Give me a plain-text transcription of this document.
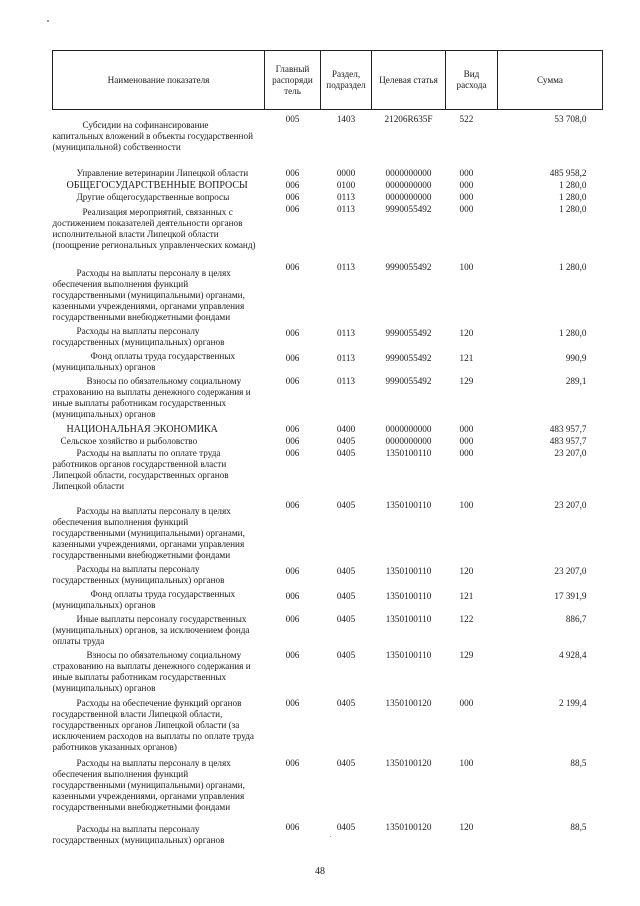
Наименование показателя	Главный распоряди тель	Раздел, подраздел	Целевая статья	Вид расхода	Сумма

Субсидии на софинансирование капитальных вложений в объекты государственной (муниципальной) собственности	005	1403	21206R635F	522	53 708,0

Управление ветеринарии Липецкой области	006	0000	0000000000	000	485 958,2

ОБЩЕГОСУДАРСТВЕННЫЕ ВОПРОСЫ	006	0100	0000000000	000	1 280,0

Другие общегосударственные вопросы	006	0113	0000000000	000	1 280,0

Реализация мероприятий, связанных с достижением показателей деятельности органов исполнительной власти Липецкой области (поощрение региональных управленческих команд)	006	0113	9990055492	000	1 280,0

Расходы на выплаты персоналу в целях обеспечения выполнения функций государственными (муниципальными) органами, казенными учреждениями, органами управления государственными внебюджетными фондами	006	0113	9990055492	100	1 280,0

Расходы на выплаты персоналу государственных (муниципальных) органов	006	0113	9990055492	120	1 280,0

Фонд оплаты труда государственных (муниципальных) органов	006	0113	9990055492	121	990,9

Взносы по обязательному социальному страхованию на выплаты денежного содержания и иные выплаты работникам государственных (муниципальных) органов	006	0113	9990055492	129	289,1

НАЦИОНАЛЬНАЯ ЭКОНОМИКА	006	0400	0000000000	000	483 957,7

Сельское хозяйство и рыболовство	006	0405	0000000000	000	483 957,7

Расходы на выплаты по оплате труда работников органов государственной власти Липецкой области, государственных органов Липецкой области	006	0405	1350100110	000	23 207,0

Расходы на выплаты персоналу в целях обеспечения выполнения функций государственными (муниципальными) органами, казенными учреждениями, органами управления государственными внебюджетными фондами	006	0405	1350100110	100	23 207,0

Расходы на выплаты персоналу государственных (муниципальных) органов	006	0405	1350100110	120	23 207,0

Фонд оплаты труда государственных (муниципальных) органов	006	0405	1350100110	121	17 391,9

Иные выплаты персоналу государственных (муниципальных) органов, за исключением фонда оплаты труда	006	0405	1350100110	122	886,7

Взносы по обязательному социальному страхованию на выплаты денежного содержания и иные выплаты работникам государственных (муниципальных) органов	006	0405	1350100110	129	4 928,4

Расходы на обеспечение функций органов государственной власти Липецкой области, государственных органов Липецкой области (за исключением расходов на выплаты по оплате труда работников указанных органов)	006	0405	1350100120	000	2 199,4

Расходы на выплаты персоналу в целях обеспечения выполнения функций государственными (муниципальными) органами, казенными учреждениями, органами управления государственными внебюджетными фондами	006	0405	1350100120	100	88,5

Расходы на выплаты персоналу государственных (муниципальных) органов	006	0405	1350100120	120	88,5
48
